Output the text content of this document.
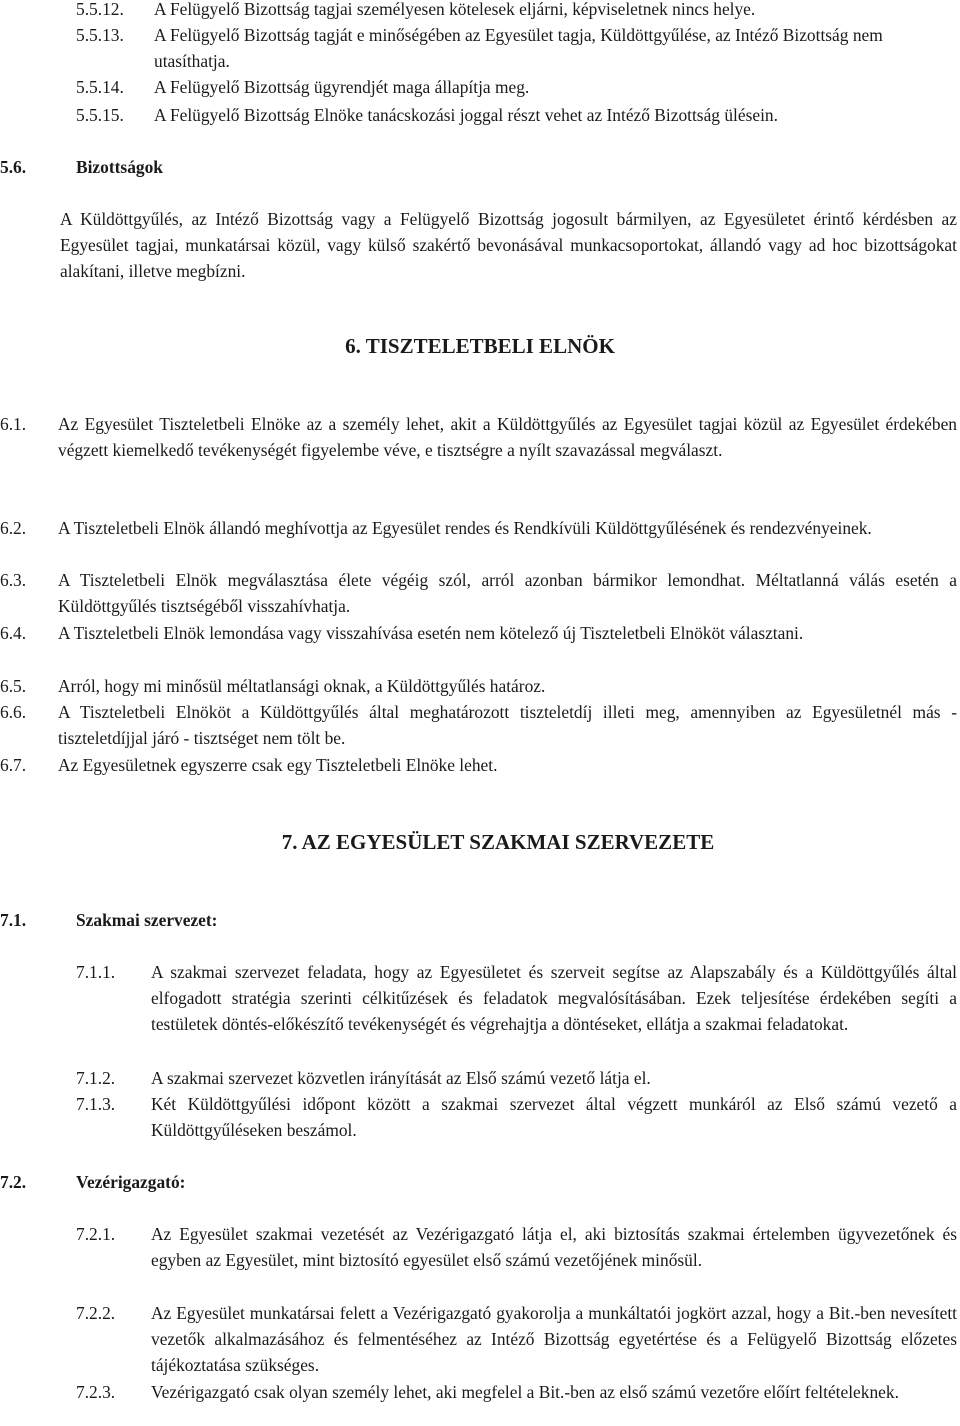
5.5.12.	A Felügyelő Bizottság tagjai személyesen kötelesek eljárni, képviseletnek nincs helye.
5.5.13.	A Felügyelő Bizottság tagját e minőségében az Egyesület tagja, Küldöttgyűlése, az Intéző Bizottság nem utasíthatja.
5.5.14.	A Felügyelő Bizottság ügyrendjét maga állapítja meg.
5.5.15.	A Felügyelő Bizottság Elnöke tanácskozási joggal részt vehet az Intéző Bizottság ülésein.
5.6.	Bizottságok
A Küldöttgyűlés, az Intéző Bizottság vagy a Felügyelő Bizottság jogosult bármilyen, az Egyesületet érintő kérdésben az Egyesület tagjai, munkatársai közül, vagy külső szakértő bevonásával munkacsoportokat, állandó vagy ad hoc bizottságokat alakítani, illetve megbízni.
6. TISZTELETBELI ELNÖK
6.1.	Az Egyesület Tiszteletbeli Elnöke az a személy lehet, akit a Küldöttgyűlés az Egyesület tagjai közül az Egyesület érdekében végzett kiemelkedő tevékenységét figyelembe véve, e tisztségre a nyílt szavazással megválaszt.
6.2.	A Tiszteletbeli Elnök állandó meghívottja az Egyesület rendes és Rendkívüli Küldöttgyűlésének és rendezvényeinek.
6.3.	A Tiszteletbeli Elnök megválasztása élete végéig szól, arról azonban bármikor lemondhat. Méltatlanná válás esetén a Küldöttgyűlés tisztségéből visszahívhatja.
6.4.	A Tiszteletbeli Elnök lemondása vagy visszahívása esetén nem kötelező új Tiszteletbeli Elnököt választani.
6.5.	Arról, hogy mi minősül méltatlansági oknak, a Küldöttgyűlés határoz.
6.6.	A Tiszteletbeli Elnököt a Küldöttgyűlés által meghatározott tiszteletdíj illeti meg, amennyiben az Egyesületnél más - tiszteletdíjjal járó - tisztséget nem tölt be.
6.7.	Az Egyesületnek egyszerre csak egy Tiszteletbeli Elnöke lehet.
7. AZ EGYESÜLET SZAKMAI SZERVEZETE
7.1.	Szakmai szervezet:
7.1.1.	A szakmai szervezet feladata, hogy az Egyesületet és szerveit segítse az Alapszabály és a Küldöttgyűlés által elfogadott stratégia szerinti célkitűzések és feladatok megvalósításában. Ezek teljesítése érdekében segíti a testületek döntés-előkészítő tevékenységét és végrehajtja a döntéseket, ellátja a szakmai feladatokat.
7.1.2.	A szakmai szervezet közvetlen irányítását az Első számú vezető látja el.
7.1.3.	Két Küldöttgyűlési időpont között a szakmai szervezet által végzett munkáról az Első számú vezető a Küldöttgyűléseken beszámol.
7.2.	Vezérigazgató:
7.2.1.	Az Egyesület szakmai vezetését az Vezérigazgató látja el, aki biztosítás szakmai értelemben ügyvezetőnek és egyben az Egyesület, mint biztosító egyesület első számú vezetőjének minősül.
7.2.2.	Az Egyesület munkatársai felett a Vezérigazgató gyakorolja a munkáltatói jogkört azzal, hogy a Bit.-ben nevesített vezetők alkalmazásához és felmentéséhez az Intéző Bizottság egyetértése és a Felügyelő Bizottság előzetes tájékoztatása szükséges.
7.2.3.	Vezérigazgató csak olyan személy lehet, aki megfelel a Bit.-ben az első számú vezetőre előírt feltételeknek.
